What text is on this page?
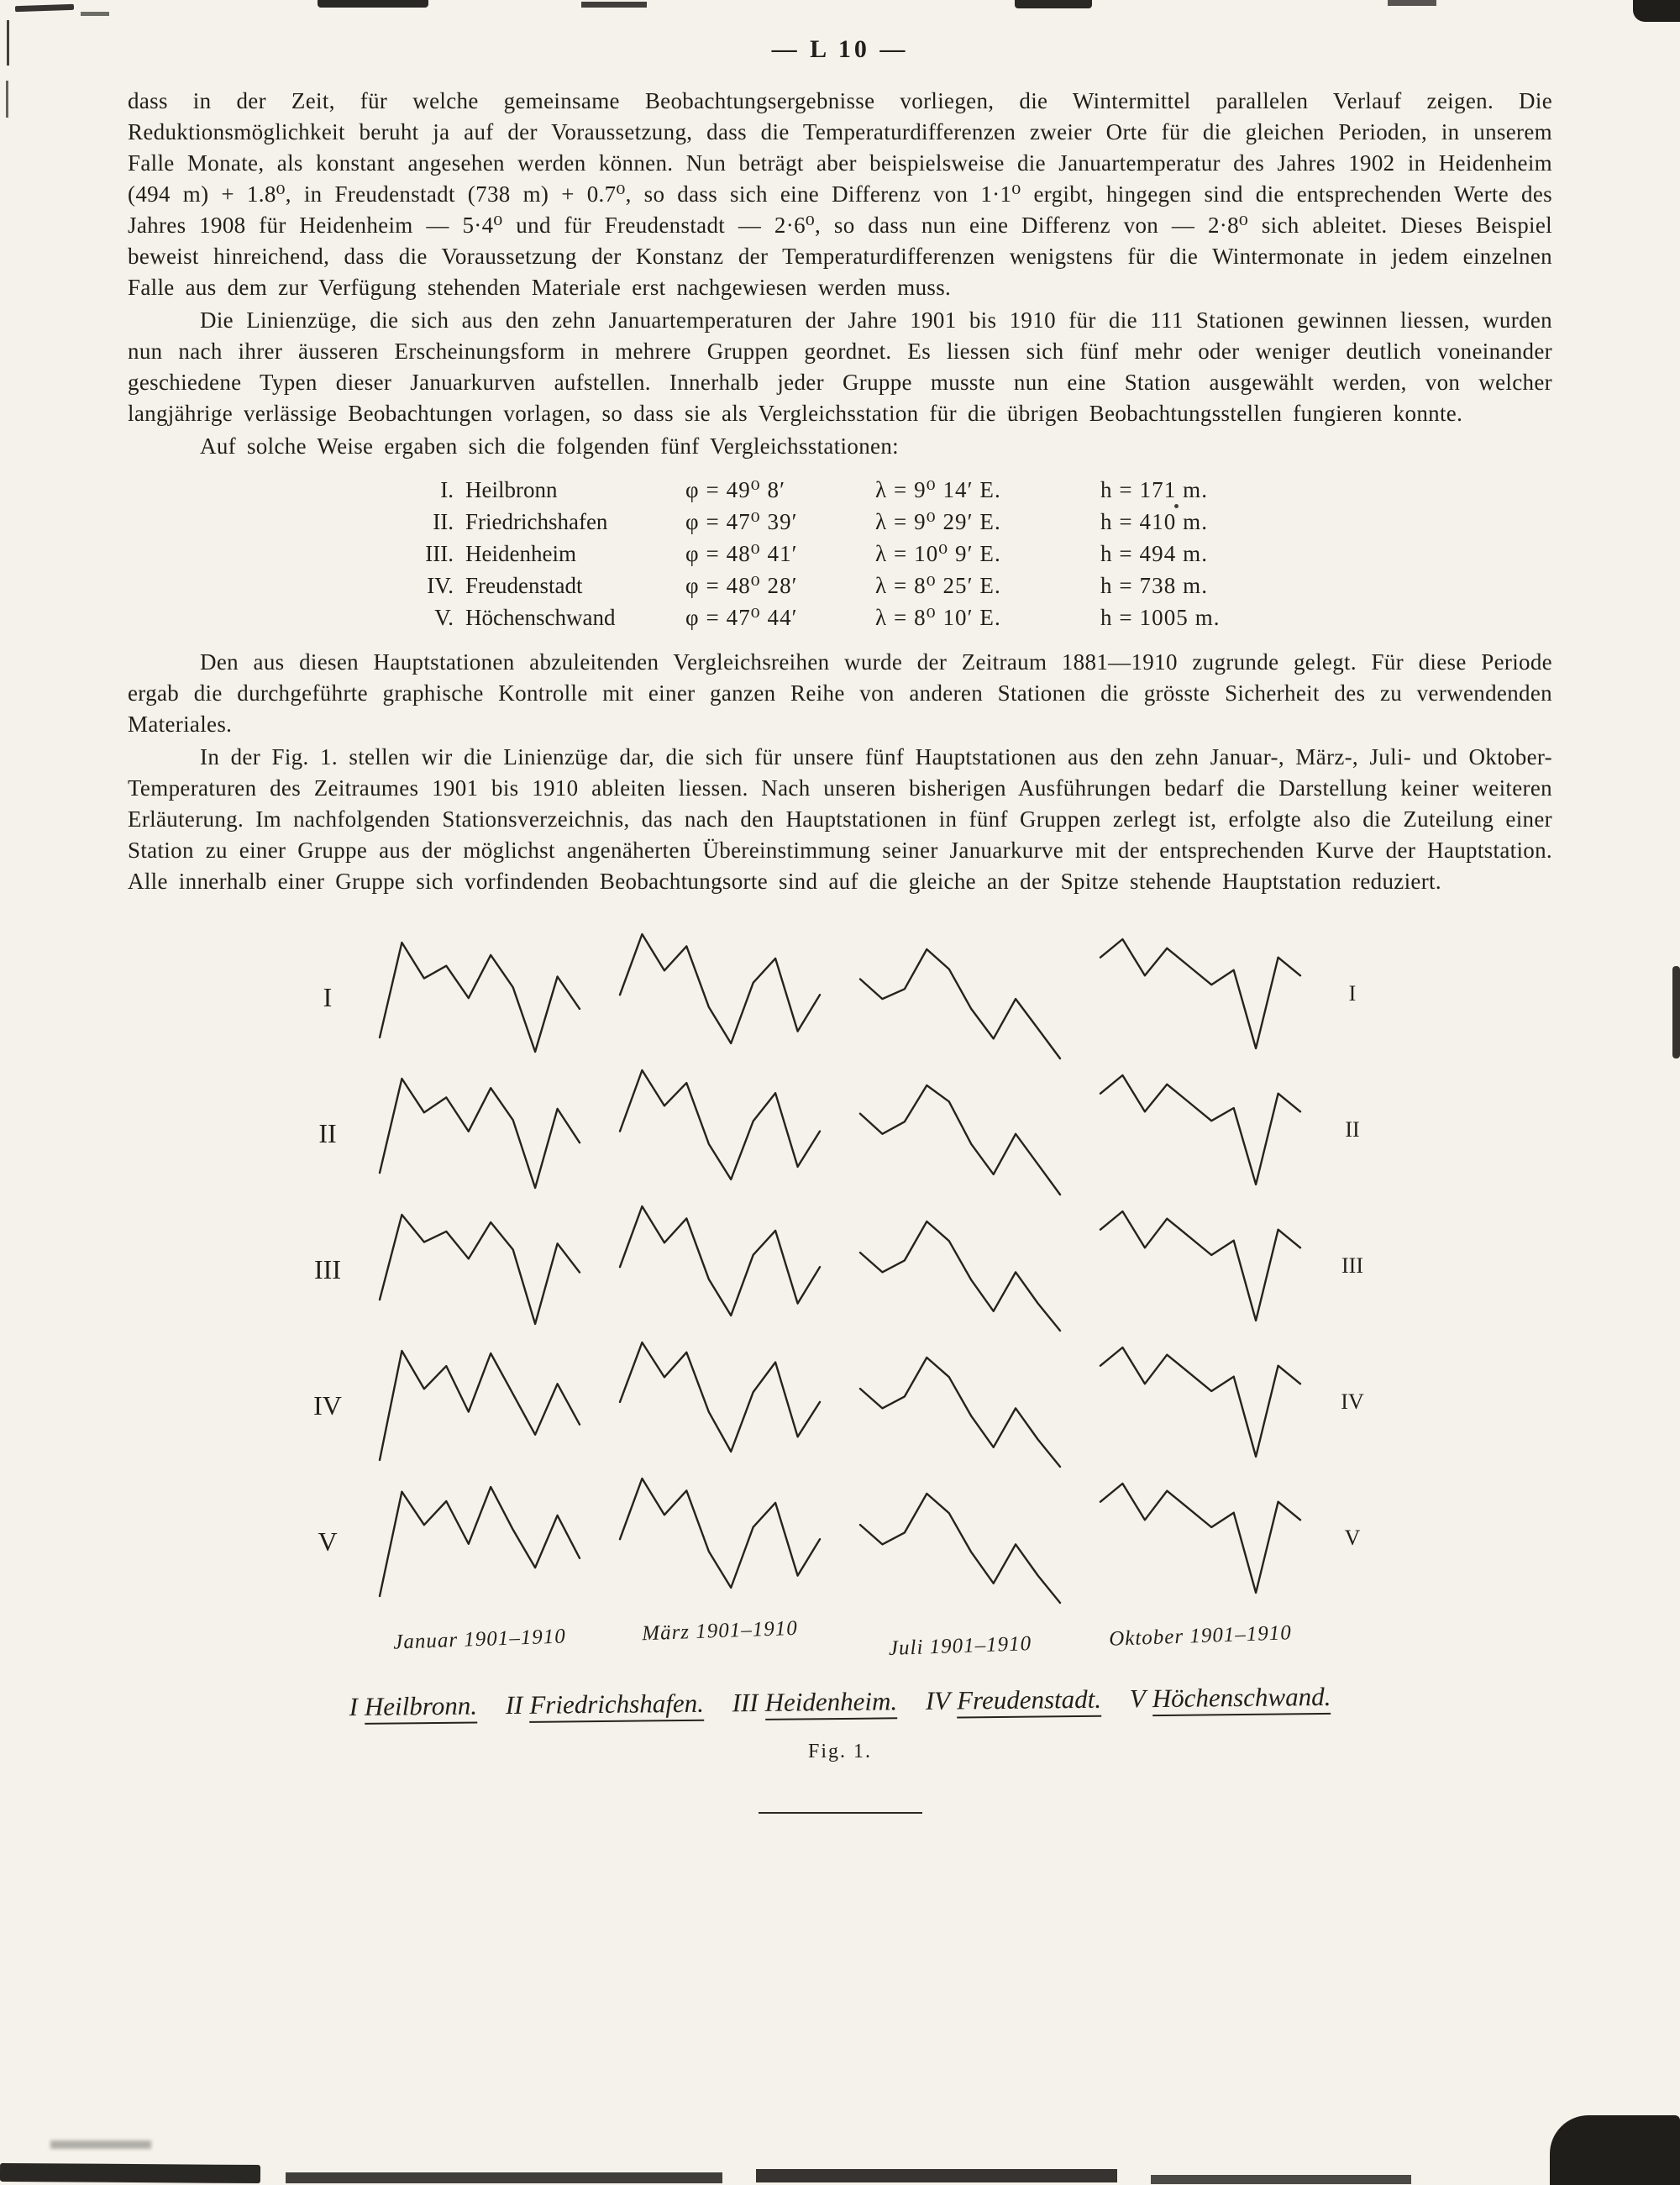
— L 10 —

dass in der Zeit, für welche gemeinsame Beobachtungsergebnisse vorliegen, die Wintermittel parallelen Verlauf zeigen. Die Reduktionsmöglichkeit beruht ja auf der Voraussetzung, dass die Temperaturdifferenzen zweier Orte für die gleichen Perioden, in unserem Falle Monate, als konstant angesehen werden können. Nun beträgt aber beispielsweise die Januartemperatur des Jahres 1902 in Heidenheim (494 m) + 1.8⁰, in Freudenstadt (738 m) + 0.7⁰, so dass sich eine Differenz von 1·1⁰ ergibt, hingegen sind die entsprechenden Werte des Jahres 1908 für Heidenheim — 5·4⁰ und für Freudenstadt — 2·6⁰, so dass nun eine Differenz von — 2·8⁰ sich ableitet. Dieses Beispiel beweist hinreichend, dass die Voraussetzung der Konstanz der Temperaturdifferenzen wenigstens für die Wintermonate in jedem einzelnen Falle aus dem zur Verfügung stehenden Materiale erst nachgewiesen werden muss.

Die Linienzüge, die sich aus den zehn Januartemperaturen der Jahre 1901 bis 1910 für die 111 Stationen gewinnen liessen, wurden nun nach ihrer äusseren Erscheinungsform in mehrere Gruppen geordnet. Es liessen sich fünf mehr oder weniger deutlich voneinander geschiedene Typen dieser Januarkurven aufstellen. Innerhalb jeder Gruppe musste nun eine Station ausgewählt werden, von welcher langjährige verlässige Beobachtungen vorlagen, so dass sie als Vergleichsstation für die übrigen Beobachtungsstellen fungieren konnte.

Auf solche Weise ergaben sich die folgenden fünf Vergleichsstationen:

I. Heilbronn	φ = 49⁰ 8′	λ = 9⁰ 14′ E.	h = 171 m.
II. Friedrichshafen	φ = 47⁰ 39′	λ = 9⁰ 29′ E.	h = 410 m.
III. Heidenheim	φ = 48⁰ 41′	λ = 10⁰ 9′ E.	h = 494 m.
IV. Freudenstadt	φ = 48⁰ 28′	λ = 8⁰ 25′ E.	h = 738 m.
V. Höchenschwand	φ = 47⁰ 44′	λ = 8⁰ 10′ E.	h = 1005 m.

Den aus diesen Hauptstationen abzuleitenden Vergleichsreihen wurde der Zeitraum 1881—1910 zugrunde gelegt. Für diese Periode ergab die durchgeführte graphische Kontrolle mit einer ganzen Reihe von anderen Stationen die grösste Sicherheit des zu verwendenden Materiales.

In der Fig. 1. stellen wir die Linienzüge dar, die sich für unsere fünf Hauptstationen aus den zehn Januar-, März-, Juli- und Oktober-Temperaturen des Zeitraumes 1901 bis 1910 ableiten liessen. Nach unseren bisherigen Ausführungen bedarf die Darstellung keiner weiteren Erläuterung. Im nachfolgenden Stationsverzeichnis, das nach den Hauptstationen in fünf Gruppen zerlegt ist, erfolgte also die Zuteilung einer Station zu einer Gruppe aus der möglichst angenäherten Übereinstimmung seiner Januarkurve mit der entsprechenden Kurve der Hauptstation. Alle innerhalb einer Gruppe sich vorfindenden Beobachtungsorte sind auf die gleiche an der Spitze stehende Hauptstation reduziert.

I
II
III
IV
V
Januar 1901–1910	März 1901–1910
Juli 1901–1910	Oktober 1901–1910
I
II
III
IV
V
I Heilbronn. II Friedrichshafen. III Heidenheim. IV Freudenstadt. V Höchenschwand.
Fig. 1.
